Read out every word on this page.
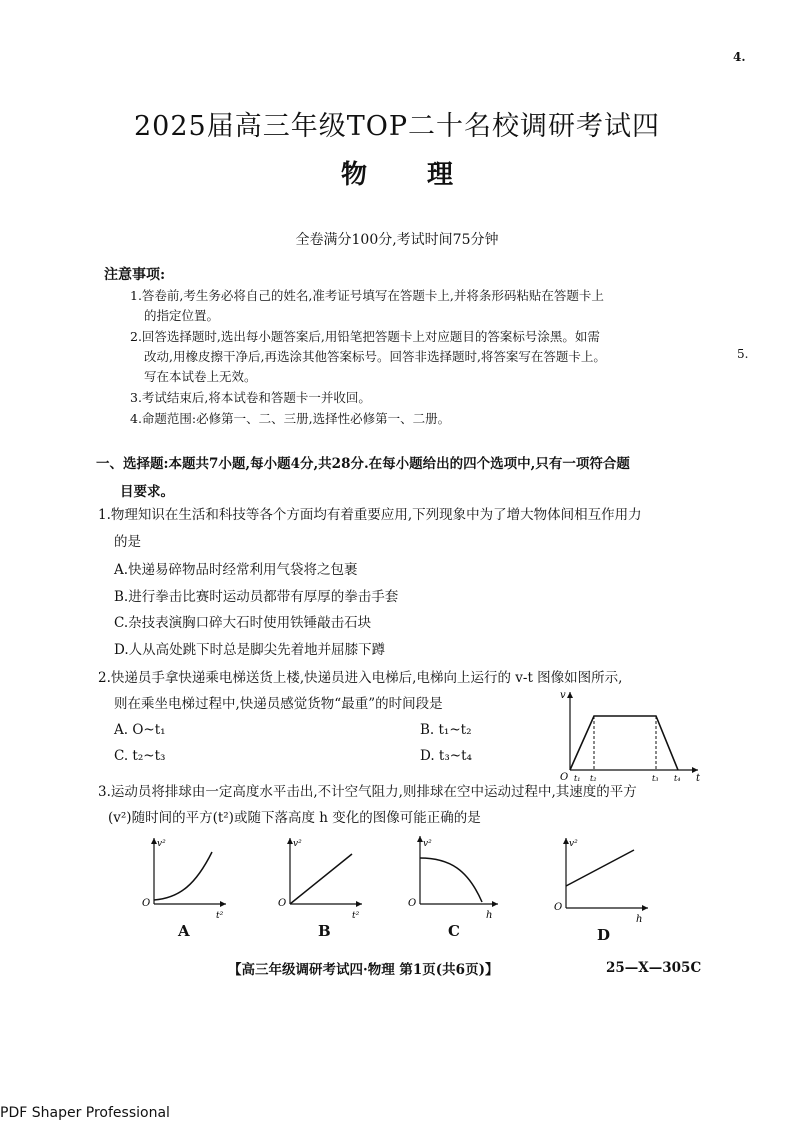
4.
5.
2025届高三年级TOP二十名校调研考试四
物理
全卷满分100分,考试时间75分钟
注意事项:
1.答卷前,考生务必将自己的姓名,准考证号填写在答题卡上,并将条形码粘贴在答题卡上
的指定位置。
2.回答选择题时,选出每小题答案后,用铅笔把答题卡上对应题目的答案标号涂黑。如需
改动,用橡皮擦干净后,再选涂其他答案标号。回答非选择题时,将答案写在答题卡上。
写在本试卷上无效。
3.考试结束后,将本试卷和答题卡一并收回。
4.命题范围:必修第一、二、三册,选择性必修第一、二册。
一、选择题:本题共7小题,每小题4分,共28分.在每小题给出的四个选项中,只有一项符合题
目要求。
1.物理知识在生活和科技等各个方面均有着重要应用,下列现象中为了增大物体间相互作用力
的是
A.快递易碎物品时经常利用气袋将之包裹
B.进行拳击比赛时运动员都带有厚厚的拳击手套
C.杂技表演胸口碎大石时使用铁锤敲击石块
D.人从高处跳下时总是脚尖先着地并屈膝下蹲
2.快递员手拿快递乘电梯送货上楼,快递员进入电梯后,电梯向上运行的 v-t 图像如图所示,
则在乘坐电梯过程中,快递员感觉货物“最重”的时间段是
A. O~t₁	B. t₁~t₂
C. t₂~t₃	D. t₃~t₄
v
t
O t₁ t₂	t₃ t₄
3.运动员将排球由一定高度水平击出,不计空气阻力,则排球在空中运动过程中,其速度的平方
(v²)随时间的平方(t²)或随下落高度 h 变化的图像可能正确的是
v²
t²
O
A
v²
t²
O
B
v²
h
O
C
v²
h
O
D
【高三年级调研考试四·物理 第1页(共6页)】	25—X—305C
PDF Shaper Professional
